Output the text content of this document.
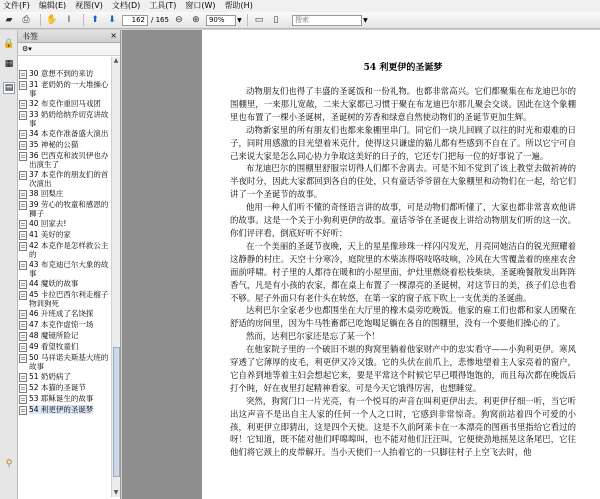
文件(F) 编辑(E) 视图(V) 文档(D) 工具(T) 窗口(W) 帮助(H)
▰	⎙	✋	I	⬆	⬇
162	/ 165 ⊖	⊕
90%	▼	▭	▯
搜索	▼
🔒
▦
▤
⚲
书签	×
⚙ ▾
30 意想不到的来访
31 老奶奶的一大堆操心事
32 布克作重回马戏团
33 奶奶给纳乔切克讲故事
34 本克作准备盛大演出
35 神秘的公猫
36 巴西克和波贝伊也办出演生了
37 本克作的朋友们的首次演出
38 回梨庄
39 劳心的牧童和感恩的狮子
40 回家去!
41 美好的家
42 本克作是怎样救公主的
43 布克迪已尔大象的故事
44 魔妖的故事
45 卡拉巴西尔利走榴子物训狗死
46 升班成了名饶探
47 本克作虚惊一场
48 魔镜所险记
49 看望牧童们
50 马祥诺夫斯基大班的故事
51 奶奶病了
52 本猫的圣诞节
53 耶稣诞生的故事
54 利更伊的圣诞梦
▲
▼
54 利更伊的圣诞梦

动物朋友们也得了丰盛的圣诞饭和一份礼物。也都非常高兴。它们都聚集在布龙迪巴尔的围棚里，一来那儿宽敞，二来大家都已习惯于聚在布龙迪巴尔那儿聚会交谈。因此在这个象棚里也布置了一棵小圣诞树，圣诞树的芳香和绿意自然使动物们的圣诞节更加生辉。

动物新家里的所有朋友们也都来象棚里串门。同它们一块儿回顾了以往的时光和艰难的日子，同时用感激的目光望着米克什，使得这只谦虚的猫儿都有些感到不自在了。所以它宁可自己来说大家是怎么同心协力争取这美好的日子的，它还专门把每一位的好事说了一遍。

布龙迪巴尔的围棚里舒服宗切得人们都不舍离去。可是不知不觉到了该上教堂去做祈祷的半夜时分，因此大家都回到各自的住处，只有童话爷爷留在大象棚里和动物们在一起，给它们讲了一个圣诞节的故事。

他用一种人们听不懂的奇怪语言讲的故事，可是动物们都听懂了，大家也都非常喜欢他讲的故事。这是一个关于小狗利更伊的故事。童话爷爷在圣诞夜上讲给动物朋友们听的这一次。你们评评看，倒底好听不好听：

在一个美丽的圣诞节夜晚，天上的星星像珍珠一样闪闪发光，月亮同她洁白的锐光照耀着这静静的村庄。天空十分寒冷，庭院里的木柴冻得咯吱咯吱响，冷风在大雪覆盖着的座座农舍面前呼啸。村子里的人都待在暖和的小屋里面，炉灶里燃烧着松枝柴块，圣诞晚餐散发出阵阵香气，凡是有小孩的农家，都在桌上布置了一棵漂亮的圣诞树，对这节日的美，孩子们总也看不够。屋子外面只有老什头在转悠，在第一家的窗子底下吹上一支优美的圣诞曲。

达利巴尔全家老少也都围坐在大厅里的橡木桌旁吃晚饭。他家的雇工们也都和家人团聚在舒适的房间里，因为牛马牲畜都已吃饱喝足躺在各自的围棚里，没有一个要他们操心的了。

然而，达利巴尔家还是忘了某一个！

在他家院子里的一个破旧不堪的狗窝里躺着他家财产中的忠实看守——小狗利更伊。寒风穿透了它薄厚的皮毛，利更伊又冷又饿。它的头伏在前爪上，悲惨地望着主人家亮着的窗户，它自养到地等着主妇会想起它来，要是平常这个时候它早已喂得饱饱的，而且每次都在晚饭后打个盹，好在夜里打起精神看家。可是今天它饿得厉害，也想睡觉。

突然，狗窝门口一片光亮，有一个悦耳的声音在叫利更伊出去。利更伊仔细一听，当它听出这声音不是出自主人家的任何一个人之口时，它感到非常惊奇。狗窝前站着四个可爱的小孩，利更伊立即猜出，这是四个天使。这是不久前阿莱卡在一本漂亮的图画书里指给它看过的呀！它知道，既不能对他们呼嗥嗥叫，也不能对他们汪汪叫，它便使劲地摇晃这条尾巴，它往他们将它颈上的皮带解开。当小天使们一人抬着它的一只脚往村子上空飞去时，他
